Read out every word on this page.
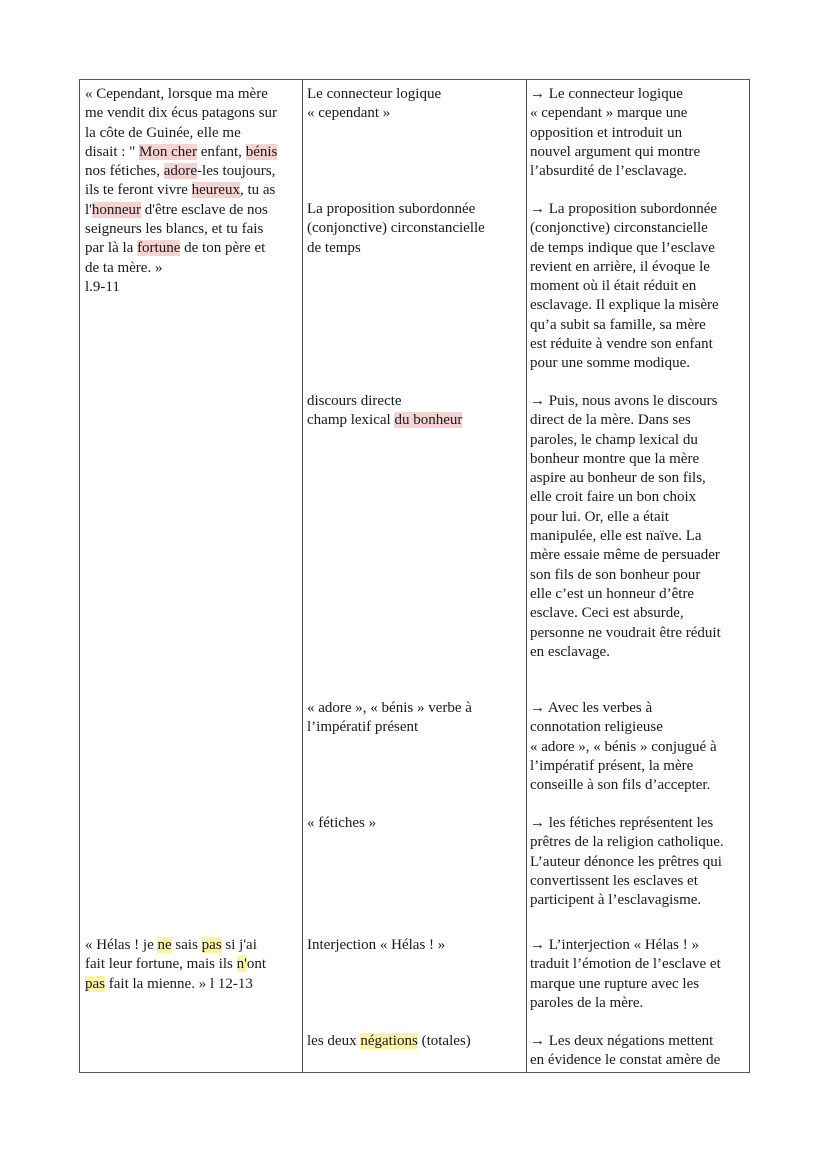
« Cependant, lorsque ma mère
me vendit dix écus patagons sur
la côte de Guinée, elle me
disait : " Mon cher enfant, bénis
nos fétiches, adore-les toujours,
ils te feront vivre heureux, tu as
l'honneur d'être esclave de nos
seigneurs les blancs, et tu fais
par là la fortune de ton père et
de ta mère. »
l.9-11
« Hélas ! je ne sais pas si j'ai
fait leur fortune, mais ils n'ont
pas fait la mienne. » l 12-13
Le connecteur logique
« cependant »
La proposition subordonnée
(conjonctive) circonstancielle
de temps
discours directe
champ lexical du bonheur
« adore », « bénis » verbe à
l’impératif présent
« fétiches »
Interjection « Hélas ! »
les deux négations (totales)
→ Le connecteur logique
« cependant » marque une
opposition et introduit un
nouvel argument qui montre
l’absurdité de l’esclavage.
→ La proposition subordonnée
(conjonctive) circonstancielle
de temps indique que l’esclave
revient en arrière, il évoque le
moment où il était réduit en
esclavage. Il explique la misère
qu’a subit sa famille, sa mère
est réduite à vendre son enfant
pour une somme modique.
→ Puis, nous avons le discours
direct de la mère. Dans ses
paroles, le champ lexical du
bonheur montre que la mère
aspire au bonheur de son fils,
elle croit faire un bon choix
pour lui. Or, elle a était
manipulée, elle est naïve. La
mère essaie même de persuader
son fils de son bonheur pour
elle c’est un honneur d’être
esclave. Ceci est absurde,
personne ne voudrait être réduit
en esclavage.
→ Avec les verbes à
connotation religieuse
« adore », « bénis » conjugué à
l’impératif présent, la mère
conseille à son fils d’accepter.
→ les fétiches représentent les
prêtres de la religion catholique.
L’auteur dénonce les prêtres qui
convertissent les esclaves et
participent à l’esclavagisme.
→ L’interjection « Hélas ! »
traduit l’émotion de l’esclave et
marque une rupture avec les
paroles de la mère.
→ Les deux négations mettent
en évidence le constat amère de
